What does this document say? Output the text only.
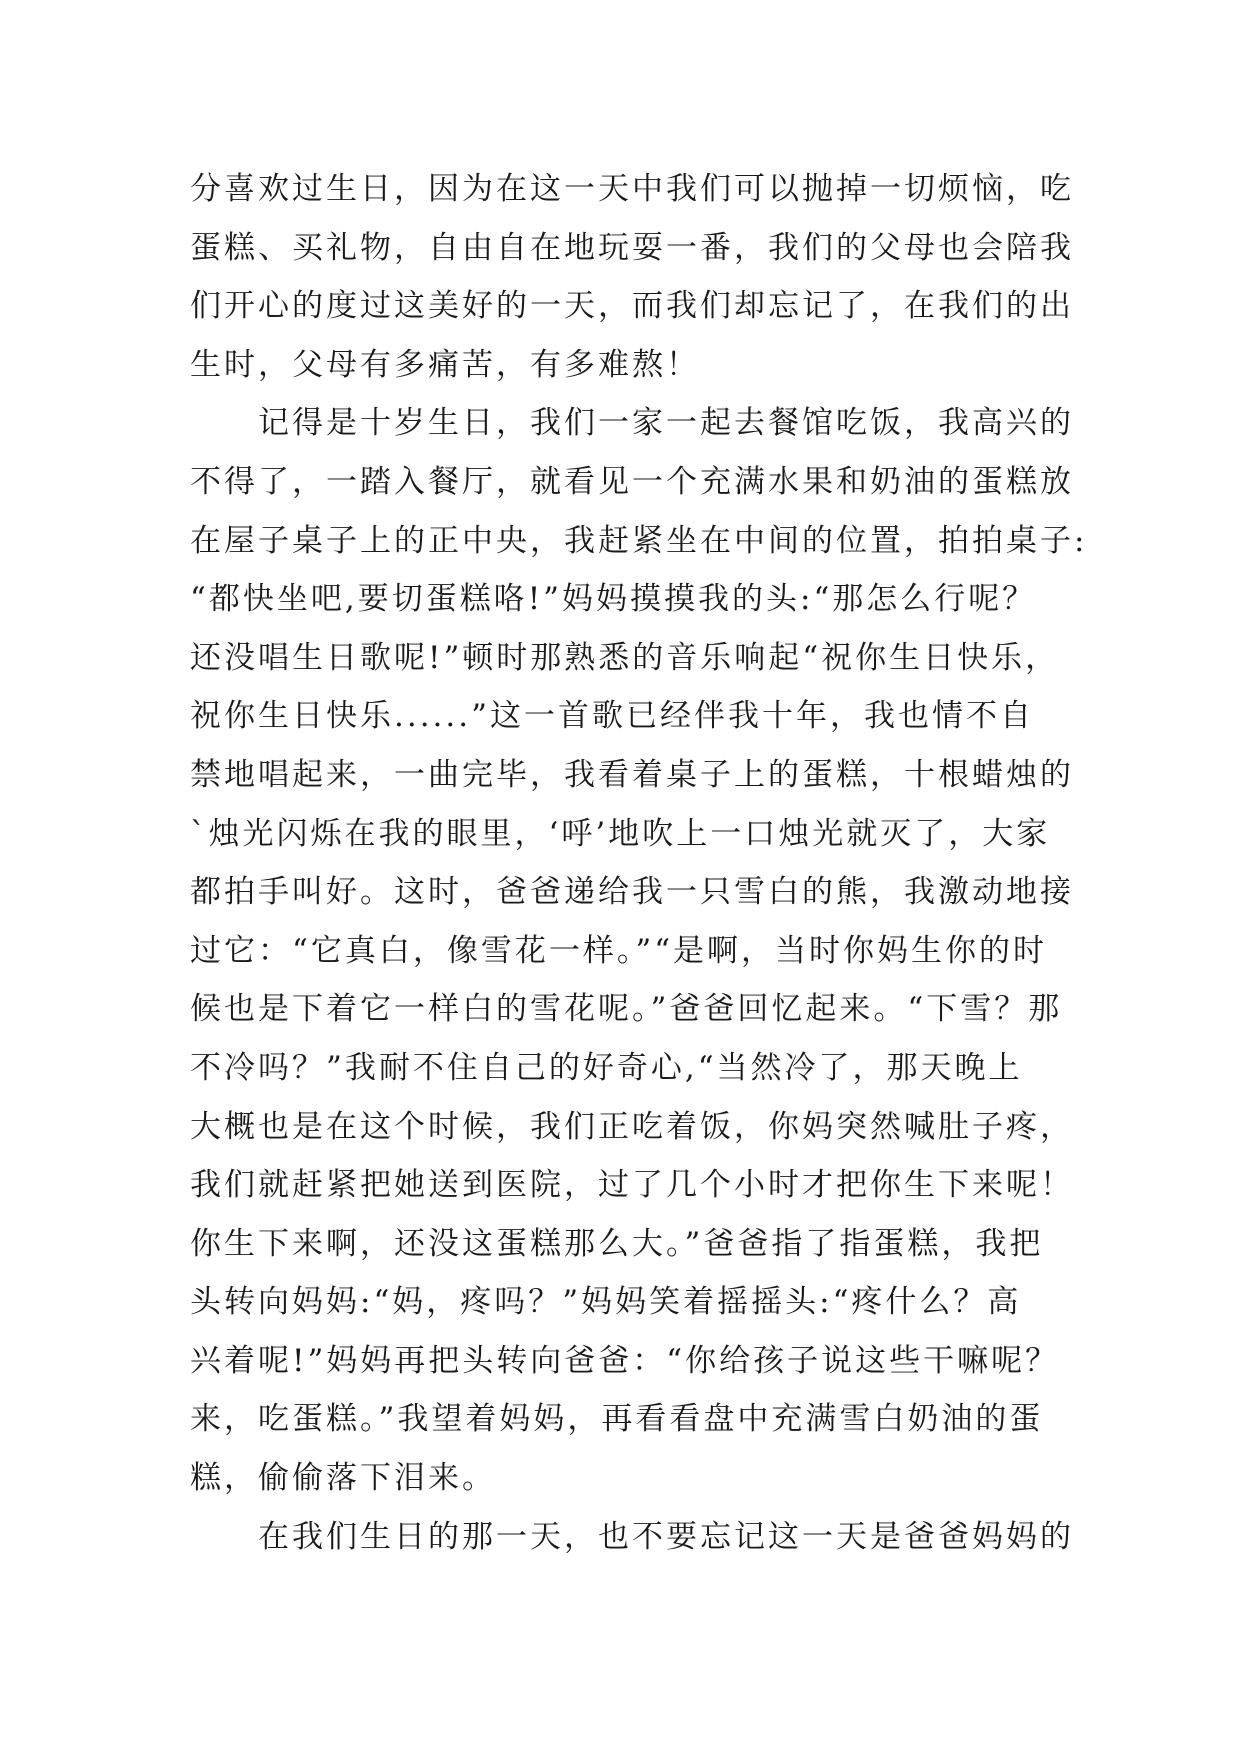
分喜欢过生日，因为在这一天中我们可以抛掉一切烦恼，吃
蛋糕、买礼物，自由自在地玩耍一番，我们的父母也会陪我
们开心的度过这美好的一天，而我们却忘记了，在我们的出
生时，父母有多痛苦，有多难熬！
　　记得是十岁生日，我们一家一起去餐馆吃饭，我高兴的
不得了，一踏入餐厅，就看见一个充满水果和奶油的蛋糕放
在屋子桌子上的正中央，我赶紧坐在中间的位置，拍拍桌子:
“都快坐吧,要切蛋糕咯!”妈妈摸摸我的头:“那怎么行呢？
还没唱生日歌呢!”顿时那熟悉的音乐响起“祝你生日快乐，
祝你生日快乐......”这一首歌已经伴我十年，我也情不自
禁地唱起来，一曲完毕，我看着桌子上的蛋糕，十根蜡烛的
`烛光闪烁在我的眼里，‘呼’地吹上一口烛光就灭了，大家
都拍手叫好。这时，爸爸递给我一只雪白的熊，我激动地接
过它：“它真白，像雪花一样。”“是啊，当时你妈生你的时
候也是下着它一样白的雪花呢。”爸爸回忆起来。“下雪？那
不冷吗？”我耐不住自己的好奇心,“当然冷了，那天晚上
大概也是在这个时候，我们正吃着饭，你妈突然喊肚子疼，
我们就赶紧把她送到医院，过了几个小时才把你生下来呢！
你生下来啊，还没这蛋糕那么大。”爸爸指了指蛋糕，我把
头转向妈妈:“妈，疼吗？”妈妈笑着摇摇头:“疼什么？高
兴着呢!”妈妈再把头转向爸爸：“你给孩子说这些干嘛呢？
来，吃蛋糕。”我望着妈妈，再看看盘中充满雪白奶油的蛋
糕，偷偷落下泪来。
　　在我们生日的那一天，也不要忘记这一天是爸爸妈妈的
